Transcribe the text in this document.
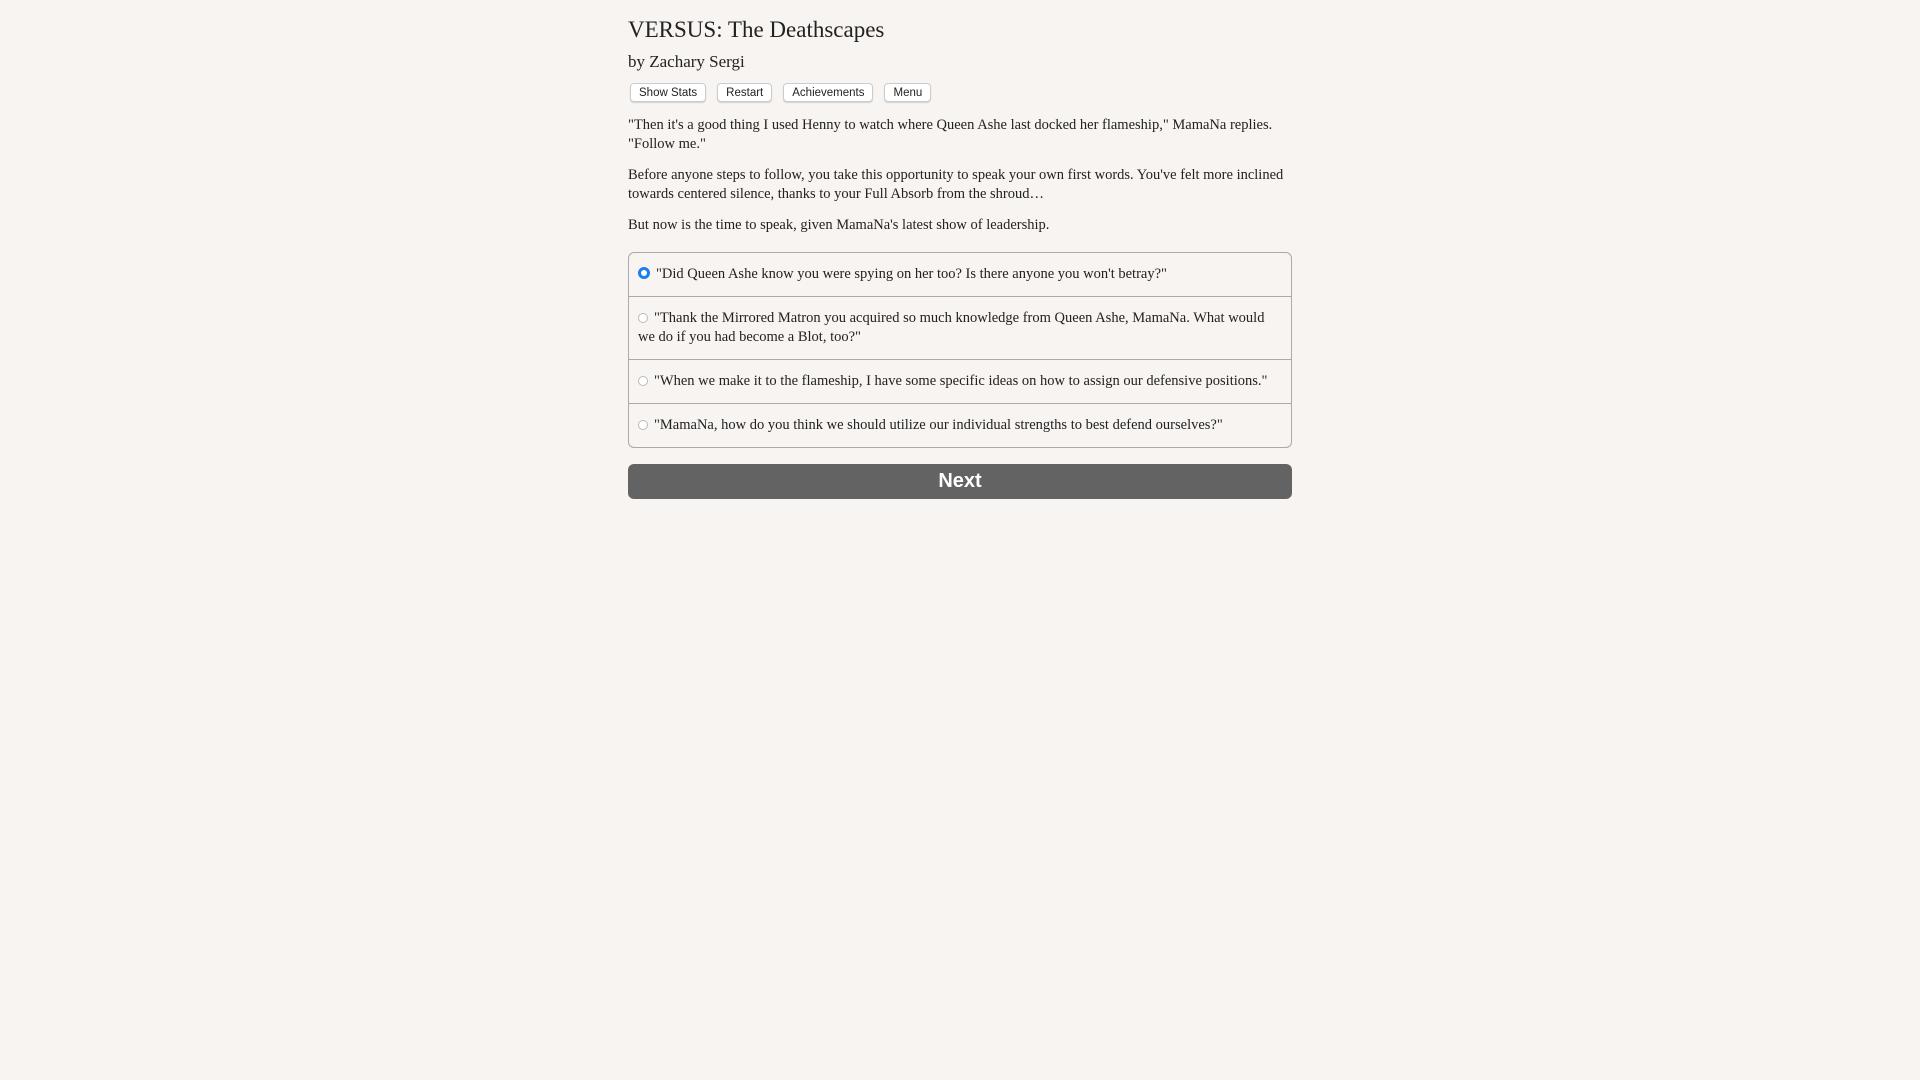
VERSUS: The Deathscapes
by Zachary Sergi
Show Stats	Restart	Achievements	Menu

"Then it's a good thing I used Henny to watch where Queen Ashe last docked her flameship," MamaNa replies. "Follow me."

Before anyone steps to follow, you take this opportunity to speak your own first words. You've felt more inclined towards centered silence, thanks to your Full Absorb from the shroud…

But now is the time to speak, given MamaNa's latest show of leadership.

"Did Queen Ashe know you were spying on her too? Is there anyone you won't betray?"
"Thank the Mirrored Matron you acquired so much knowledge from Queen Ashe, MamaNa. What would we do if you had become a Blot, too?"
"When we make it to the flameship, I have some specific ideas on how to assign our defensive positions."
"MamaNa, how do you think we should utilize our individual strengths to best defend ourselves?"
Next
